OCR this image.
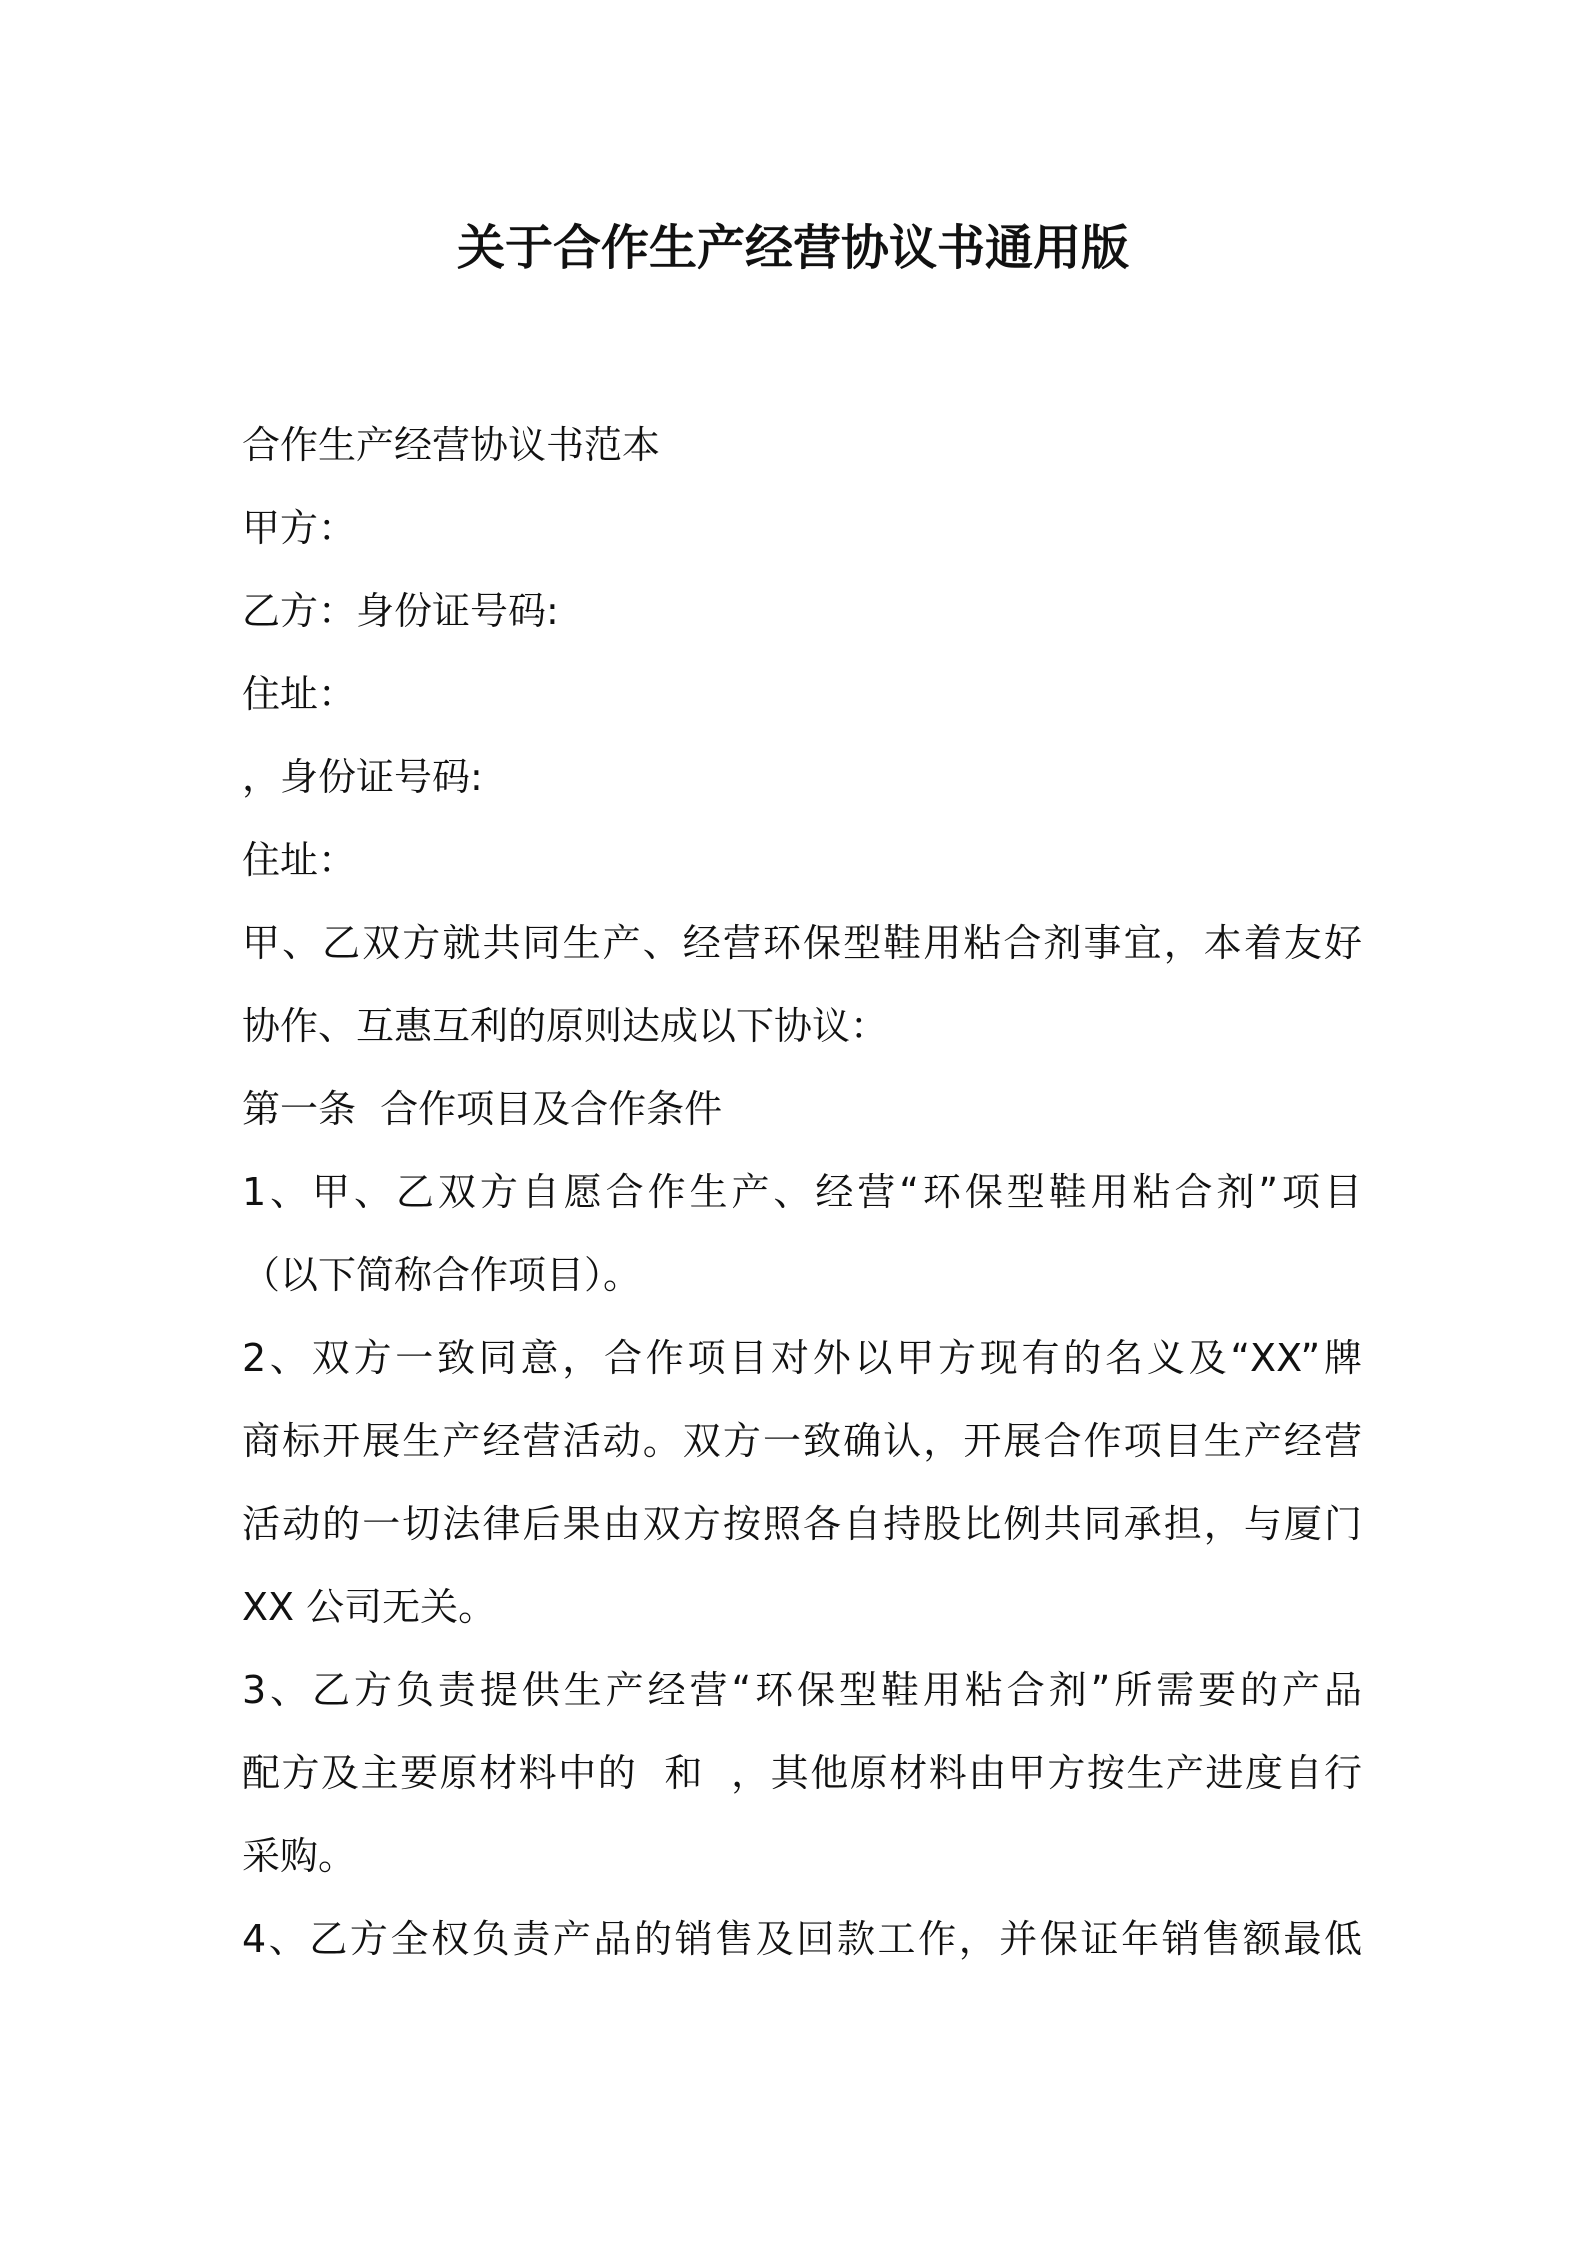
关于合作生产经营协议书通用版
合作生产经营协议书范本
甲方：
乙方：身份证号码:
住址：
，身份证号码:
住址：
甲、乙双方就共同生产、经营环保型鞋用粘合剂事宜，本着友好
协作、互惠互利的原则达成以下协议：
第一条  合作项目及合作条件
1、甲、乙双方自愿合作生产、经营“环保型鞋用粘合剂”项目
（以下简称合作项目）。
2、双方一致同意，合作项目对外以甲方现有的名义及“XX”牌
商标开展生产经营活动。双方一致确认，开展合作项目生产经营
活动的一切法律后果由双方按照各自持股比例共同承担，与厦门
XX 公司无关。
3、乙方负责提供生产经营“环保型鞋用粘合剂”所需要的产品
配方及主要原材料中的  和  ，其他原材料由甲方按生产进度自行
采购。
4、乙方全权负责产品的销售及回款工作，并保证年销售额最低
